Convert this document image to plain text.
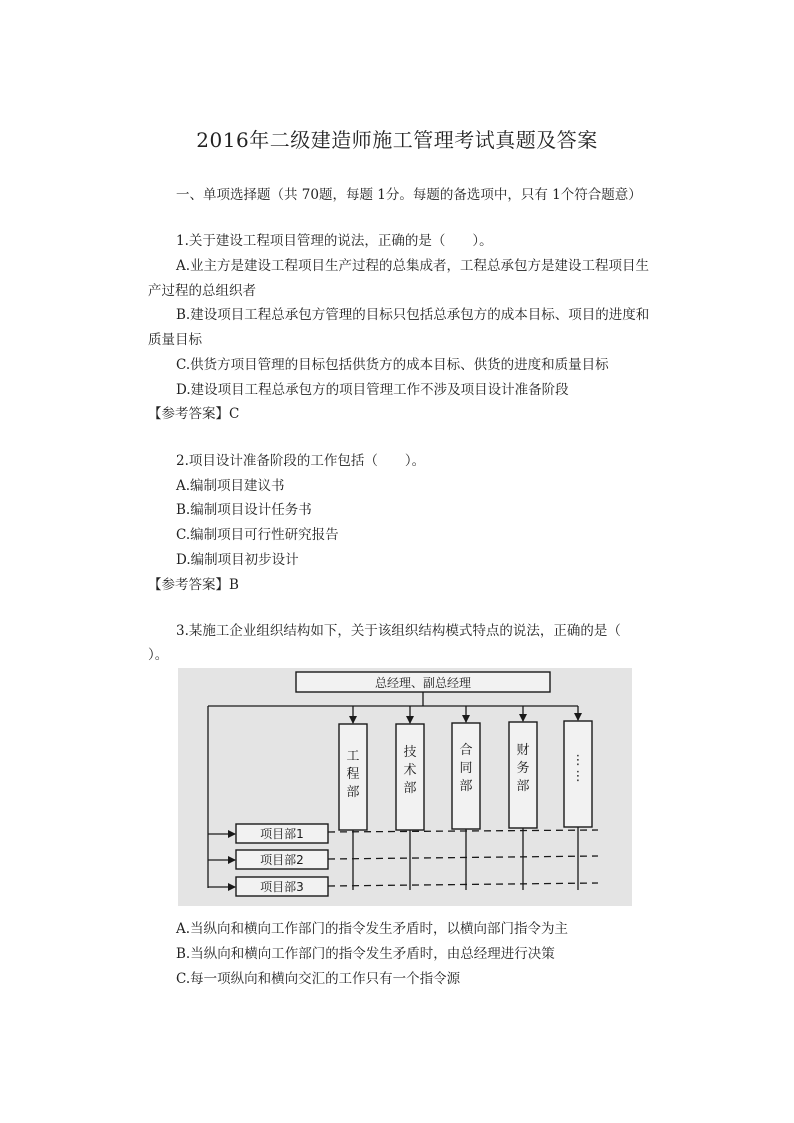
2016年二级建造师施工管理考试真题及答案
一、单项选择题（共 70题，每题 1分。每题的备选项中，只有 1个符合题意）
1.关于建设工程项目管理的说法，正确的是（　　）。
A.业主方是建设工程项目生产过程的总集成者，工程总承包方是建设工程项目生
产过程的总组织者
B.建设项目工程总承包方管理的目标只包括总承包方的成本目标、项目的进度和
质量目标
C.供货方项目管理的目标包括供货方的成本目标、供货的进度和质量目标
D.建设项目工程总承包方的项目管理工作不涉及项目设计准备阶段
【参考答案】C
2.项目设计准备阶段的工作包括（　　）。
A.编制项目建议书
B.编制项目设计任务书
C.编制项目可行性研究报告
D.编制项目初步设计
【参考答案】B
3.某施工企业组织结构如下，关于该组织结构模式特点的说法，正确的是（
）。
总经理、副总经理
工
程
部
技
术
部
合
同
部
财
务
部
⋮
⋮
项目部1
项目部2
项目部3
A.当纵向和横向工作部门的指令发生矛盾时，以横向部门指令为主
B.当纵向和横向工作部门的指令发生矛盾时，由总经理进行决策
C.每一项纵向和横向交汇的工作只有一个指令源
